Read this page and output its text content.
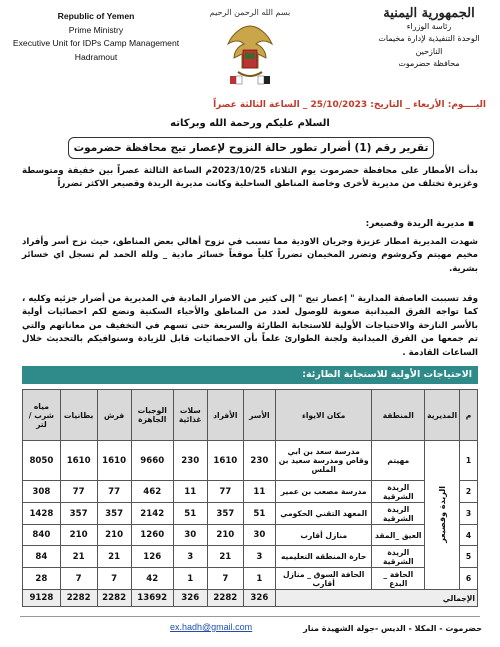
Republic of Yemen
Prime Ministry
Executive Unit for IDPs Camp Management
Hadramout
بسم الله الرحمن الرحيم	الجمهورية اليمنية
رئاسة الوزراء
الوحدة التنفيذية لإدارة مخيمات النازحين
محافظة حضرموت
اليــــوم: الأربعاء _ التاريخ: 25/10/2023 _ الساعة الثالثة عصراً
السلام عليكم ورحمة الله وبركاته
تقرير رقم (1) أضرار تطور حالة النزوح لإعصار تيج محافظة حضرموت
بدأت الأمطار على محافظة حضرموت يوم الثلاثاء 2023/10/25م الساعة الثالثة عصراً بين خفيفة ومتوسطة وغزيرة تختلف من مديرية لأخرى وخاصة المناطق الساحلية وكانت مديرية الريدة وقصيعر الاكثر تضرراً
▪ مديرية الريدة وقصيعر:
شهدت المديرية امطار عزيزة وجريان الاودية مما تسبب في نزوح أهالي بعض المناطق، حيث نزح أسر وأفراد مخيم مهيتم وكروشوم وتضرر المخيمان تضرراً كلياً موقعاً خسائر مادية _ ولله الحمد لم تسجل اي خسائر بشرية.
وقد تسببت العاصفة المدارية " إعصار تيج " إلى كثير من الاضرار المادية في المديرية من أضرار جزئيه وكليه ، كما تواجه الفرق الميدانية صعوبة للوصول لعدد من المناطق والأحياء السكنية ونضع لكم احصائيات أولية بالأسر النازحة والاحتياجات الأولية للاستجابة الطارئة والسريعة حتى تسهم في التخفيف من معاناتهم والتي تم جمعها من الفرق الميدانية ولجنة الطوارئ علماً بأن الاحصائيات قابل للزيادة وسنوافيكم بالتحديث خلال الساعات القادمة .
الاحتياجات الأولية للاستجابة الطارئة:
م	المديرية	المنطقة	مكان الايواء	الأسر	الأفراد	سلات غذائية	الوجبات الجاهزة	فرش	بطانيات	مياه شرب / لتر
1	الريدة وقصيعر	مهيتم	مدرسة سعد بن ابي وقاص ومدرسة سعيد بن الملس	230	1610	230	9660	1610	1610	8050
2		الريدة الشرقية	مدرسة مصعب بن عمير	11	77	11	462	77	77	308
3		الريدة الشرقية	المعهد التقني الحكومي	51	357	51	2142	357	357	1428
4		العيق _المقد	منازل أقارب	30	210	30	1260	210	210	840
5		الريدة الشرقية	حارة المنطقه التعليميه	3	21	3	126	21	21	84
6		الحافة _ البدع	الحافة السوق _ منازل أقارب	1	7	1	42	7	7	28
الإجمالي				326	2282	326	13692	2282	2282	9128
ex.hadh@gmail.com	حضرموت - المكلا - الديس -جولة الشهيدة منار
